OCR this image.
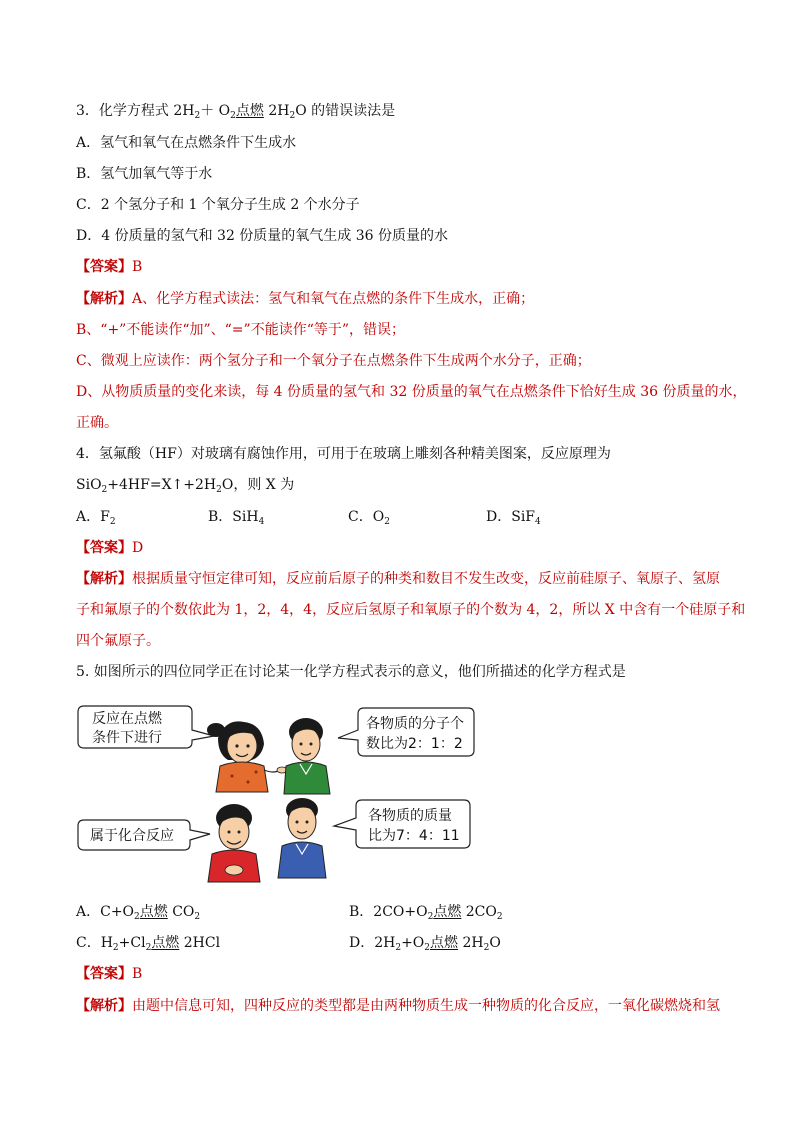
3．化学方程式 $2H_2+ O_2$点燃 $2H_2O$ 的错误读法是
A．氢气和氧气在点燃条件下生成水
B．氢气加氧气等于水
C．2 个氢分子和 1 个氧分子生成 2 个水分子
D．4 份质量的氢气和 32 份质量的氧气生成 36 份质量的水
【答案】B
【解析】A、化学方程式读法：氢气和氧气在点燃的条件下生成水，正确；
B、“+”不能读作“加”、“=”不能读作“等于”，错误；
C、微观上应读作：两个氢分子和一个氧分子在点燃条件下生成两个水分子，正确；
D、从物质质量的变化来读，每 4 份质量的氢气和 32 份质量的氧气在点燃条件下恰好生成 36 份质量的水，
正确。
4．氢氟酸（HF）对玻璃有腐蚀作用，可用于在玻璃上雕刻各种精美图案，反应原理为
$SiO_2+4HF=X↑+2H_2O$，则 X 为
A．$F_2$	B．SiH$_4$	C．$O_2$	D．SiF$_4$
【答案】D
【解析】根据质量守恒定律可知，反应前后原子的种类和数目不发生改变，反应前硅原子、氧原子、氢原
子和氟原子的个数依此为 1，2，4，4，反应后氢原子和氧原子的个数为 4，2，所以 X 中含有一个硅原子和
四个氟原子。
5. 如图所示的四位同学正在讨论某一化学方程式表示的意义，他们所描述的化学方程式是
反应在点燃
条件下进行
各物质的分子个
数比为2：1：2
属于化合反应
各物质的质量
比为7：4：11
A．$C+O_2$点燃 $CO_2$	B．$2CO+O_2$点燃 $2CO_2$
C．$H_2+Cl_2$点燃 2HCl	D．$2H_2+O_2$点燃 $2H_2O$
【答案】B
【解析】由题中信息可知，四种反应的类型都是由两种物质生成一种物质的化合反应，一氧化碳燃烧和氢
